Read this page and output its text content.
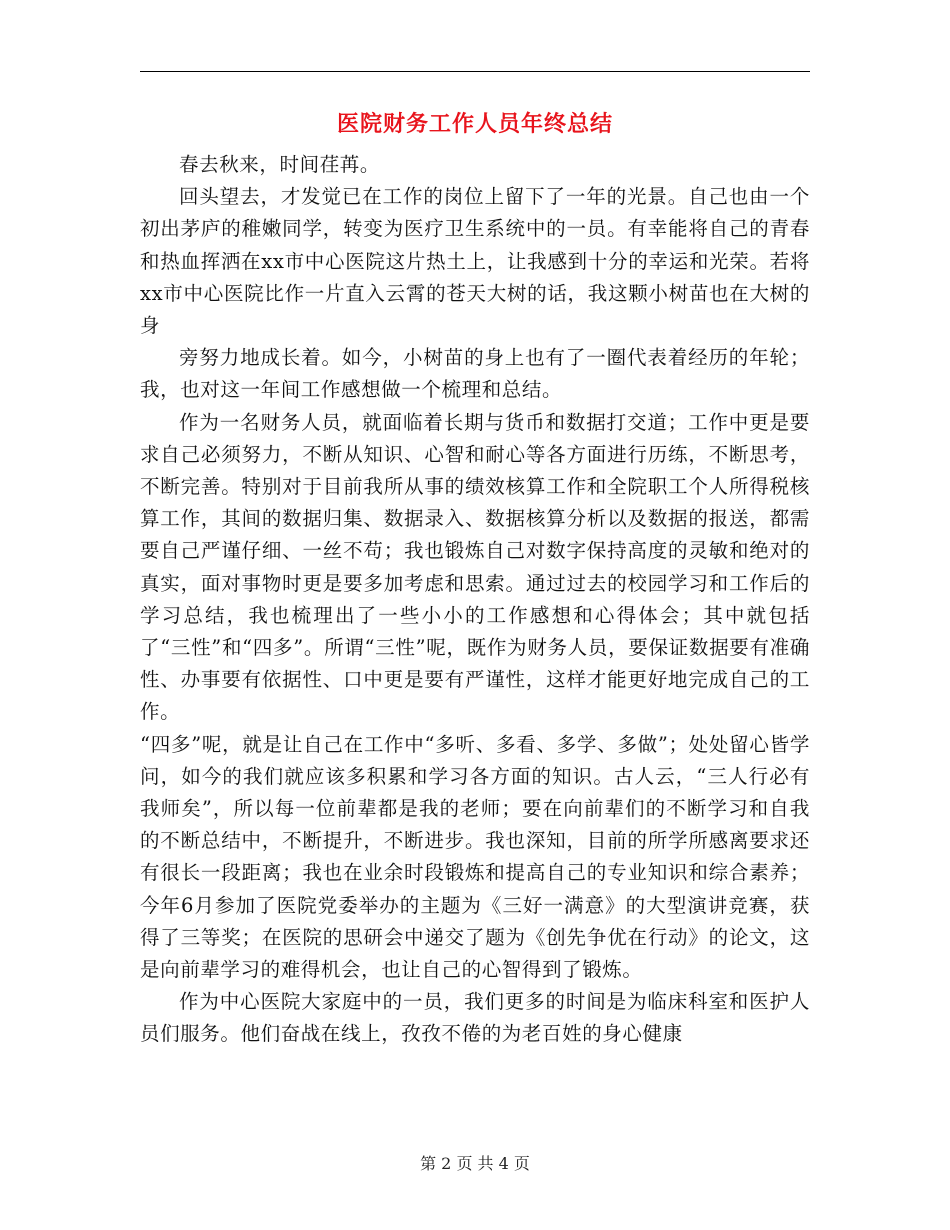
医院财务工作人员年终总结

春去秋来，时间荏苒。

回头望去，才发觉已在工作的岗位上留下了一年的光景。自己也由一个初出茅庐的稚嫩同学，转变为医疗卫生系统中的一员。有幸能将自己的青春和热血挥洒在xx市中心医院这片热土上，让我感到十分的幸运和光荣。若将xx市中心医院比作一片直入云霄的苍天大树的话，我这颗小树苗也在大树的身

旁努力地成长着。如今，小树苗的身上也有了一圈代表着经历的年轮；我，也对这一年间工作感想做一个梳理和总结。

作为一名财务人员，就面临着长期与货币和数据打交道；工作中更是要求自己必须努力，不断从知识、心智和耐心等各方面进行历练，不断思考，不断完善。特别对于目前我所从事的绩效核算工作和全院职工个人所得税核算工作，其间的数据归集、数据录入、数据核算分析以及数据的报送，都需要自己严谨仔细、一丝不苟；我也锻炼自己对数字保持高度的灵敏和绝对的真实，面对事物时更是要多加考虑和思索。通过过去的校园学习和工作后的学习总结，我也梳理出了一些小小的工作感想和心得体会；其中就包括了“三性”和“四多”。所谓“三性”呢，既作为财务人员，要保证数据要有准确性、办事要有依据性、口中更是要有严谨性，这样才能更好地完成自己的工作。

“四多”呢，就是让自己在工作中“多听、多看、多学、多做”；处处留心皆学问，如今的我们就应该多积累和学习各方面的知识。古人云，“三人行必有我师矣”，所以每一位前辈都是我的老师；要在向前辈们的不断学习和自我的不断总结中，不断提升，不断进步。我也深知，目前的所学所感离要求还有很长一段距离；我也在业余时段锻炼和提高自己的专业知识和综合素养；今年6月参加了医院党委举办的主题为《三好一满意》的大型演讲竞赛，获得了三等奖；在医院的思研会中递交了题为《创先争优在行动》的论文，这是向前辈学习的难得机会，也让自己的心智得到了锻炼。

作为中心医院大家庭中的一员，我们更多的时间是为临床科室和医护人员们服务。他们奋战在线上，孜孜不倦的为老百姓的身心健康

第 2 页 共 4 页
